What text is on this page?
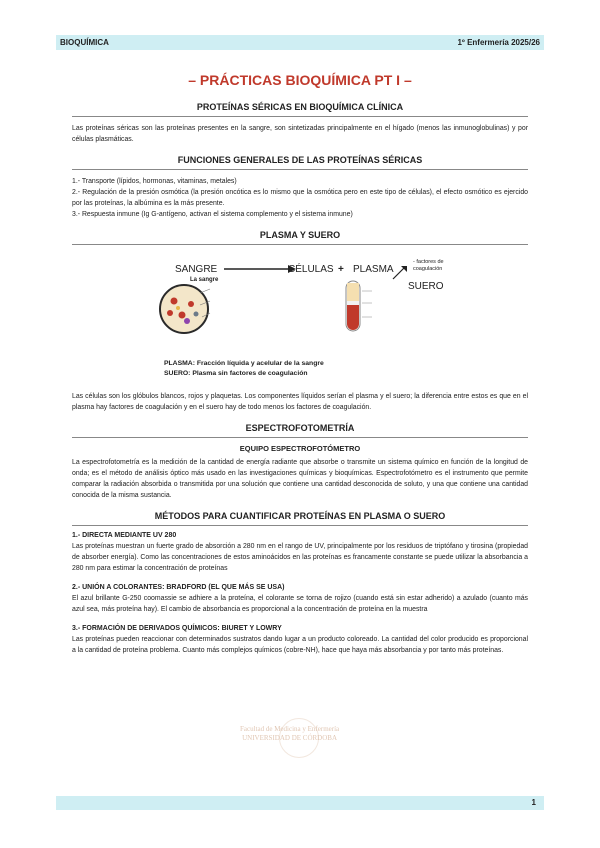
BIOQUÍMICA	1º Enfermería 2025/26
– PRÁCTICAS BIOQUÍMICA PT I –
PROTEÍNAS SÉRICAS EN BIOQUÍMICA CLÍNICA

Las proteínas séricas son las proteínas presentes en la sangre, son sintetizadas principalmente en el hígado (menos las inmunoglobulinas) y por células plasmáticas.

FUNCIONES GENERALES DE LAS PROTEÍNAS SÉRICAS

1.- Transporte (lípidos, hormonas, vitaminas, metales)

2.- Regulación de la presión osmótica (la presión oncótica es lo mismo que la osmótica pero en este tipo de células), el efecto osmótico es ejercido por las proteínas, la albúmina es la más presente.

3.- Respuesta inmune (Ig G-antígeno, activan el sistema complemento y el sistema inmune)

PLASMA Y SUERO
SANGRE	CÉLULAS + PLASMA
- factores de coagulación
SUERO
La sangre
PLASMA: Fracción líquida y acelular de la sangre
SUERO: Plasma sin factores de coagulación

Las células son los glóbulos blancos, rojos y plaquetas. Los componentes líquidos serían el plasma y el suero; la diferencia entre estos es que en el plasma hay factores de coagulación y en el suero hay de todo menos los factores de coagulación.

ESPECTROFOTOMETRÍA
EQUIPO ESPECTROFOTÓMETRO

La espectrofotometría es la medición de la cantidad de energía radiante que absorbe o transmite un sistema químico en función de la longitud de onda; es el método de análisis óptico más usado en las investigaciones químicas y bioquímicas. Espectrofotómetro es el instrumento que permite comparar la radiación absorbida o transmitida por una solución que contiene una cantidad desconocida de soluto, y una que contiene una cantidad conocida de la misma sustancia.

MÉTODOS PARA CUANTIFICAR PROTEÍNAS EN PLASMA O SUERO
1.- DIRECTA MEDIANTE UV 280

Las proteínas muestran un fuerte grado de absorción a 280 nm en el rango de UV, principalmente por los residuos de triptófano y tirosina (propiedad de absorber energía). Como las concentraciones de estos aminoácidos en las proteínas es francamente constante se puede utilizar la absorbancia a 280 nm para estimar la concentración de proteínas

2.- UNIÓN A COLORANTES: BRADFORD (EL QUE MÁS SE USA)

El azul brillante G-250 coomassie se adhiere a la proteína, el colorante se torna de rojizo (cuando está sin estar adherido) a azulado (cuanto más azul sea, más proteína hay). El cambio de absorbancia es proporcional a la concentración de proteína en la muestra

3.- FORMACIÓN DE DERIVADOS QUÍMICOS: BIURET Y LOWRY

Las proteínas pueden reaccionar con determinados sustratos dando lugar a un producto coloreado. La cantidad del color producido es proporcional a la cantidad de proteína problema. Cuanto más complejos químicos (cobre-NH), hace que haya más absorbancia y por tanto más proteínas.

Facultad de Medicina y Enfermería
UNIVERSIDAD DE CÓRDOBA
1
